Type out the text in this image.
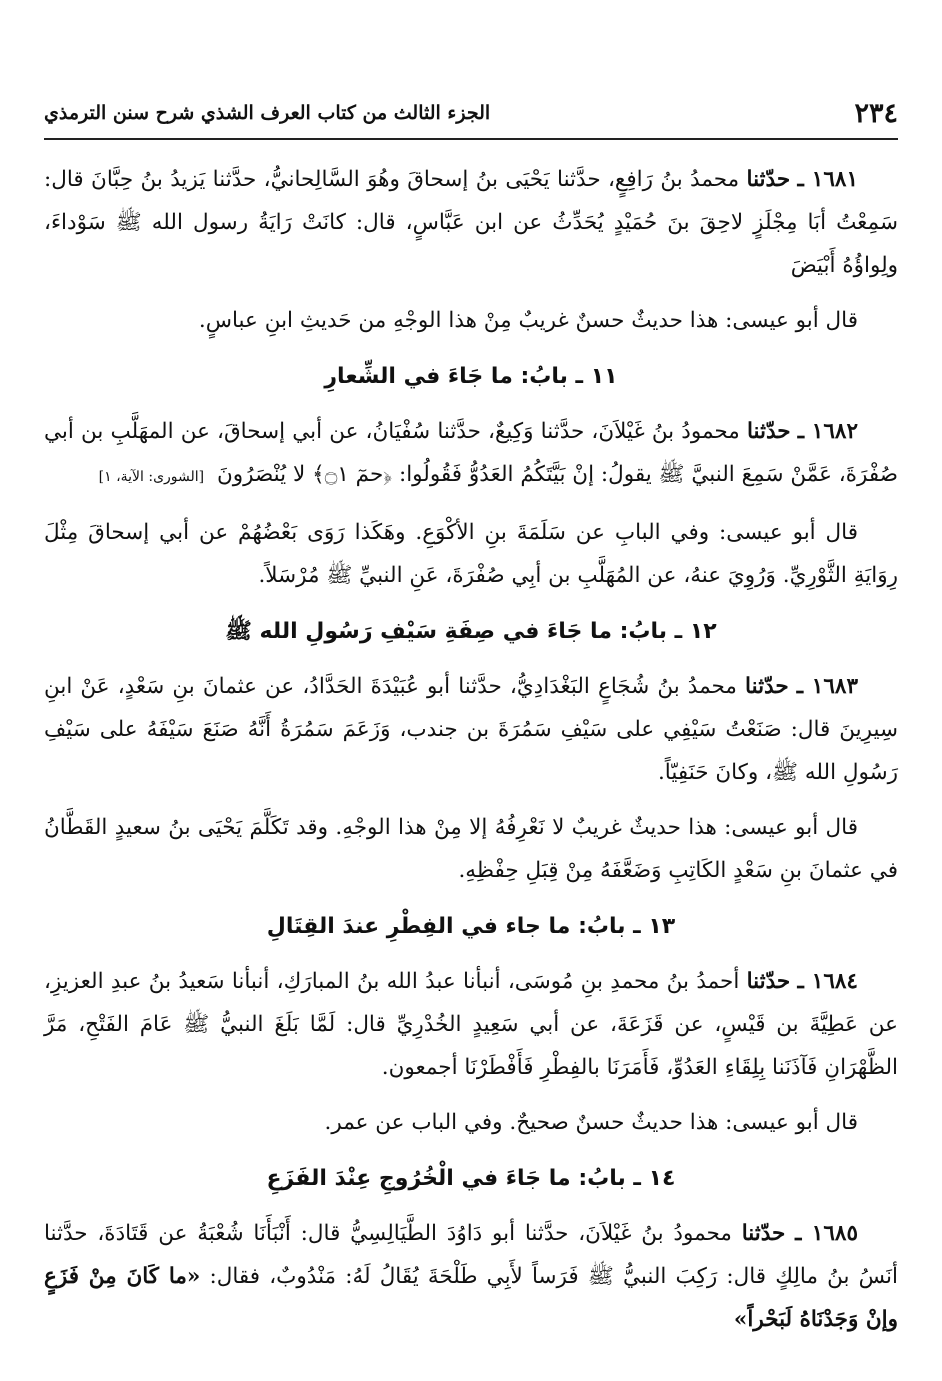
٢٣٤
الجزء الثالث من كتاب العرف الشذي شرح سنن الترمذي

١٦٨١ ـ حدّثنا محمدُ بنُ رَافِعٍ، حدَّثنا يَحْيَى بنُ إسحاقَ وهُوَ السَّالِحانيُّ، حدَّثنا يَزيدُ بنُ حِبَّانَ قال: سَمِعْتُ أبَا مِجْلَزٍ لاحِقَ بنَ حُمَيْدٍ يُحَدِّثُ عن ابن عَبَّاسٍ، قال: كانَتْ رَايَةُ رسول الله ﷺ سَوْداءَ، ولِواؤُهُ أَبْيَضَ

قال أبو عيسى: هذا حديثٌ حسنٌ غريبٌ مِنْ هذا الوجْهِ من حَديثِ ابنِ عباسٍ.

١١ ـ بابُ: ما جَاءَ في الشِّعارِ

١٦٨٢ ـ حدّثنا محمودُ بنُ غَيْلاَنَ، حدَّثنا وَكِيعٌ، حدَّثنا سُفْيَانُ، عن أبي إسحاقَ، عن المهَلَّبِ بن أبي صُفْرَةَ، عَمَّنْ سَمِعَ النبيَّ ﷺ يقولُ: إنْ بَيَّتَكُمُ العَدُوُّ فَقُولُوا: ﴿حمٓ ۝١﴾ لا يُنْصَرُونَ [الشورى: الآية، ١]

قال أبو عيسى: وفي البابِ عن سَلَمَةَ بنِ الأكْوَعِ. وهَكَذا رَوَى بَعْضُهُمْ عن أبي إسحاقَ مِثْلَ رِوَايَةِ الثَّوْرِيِّ. وَرُوِيَ عنهُ، عن المُهَلَّبِ بن أبِي صُفْرَةَ، عَنِ النبيِّ ﷺ مُرْسَلاً.

١٢ ـ بابُ: ما جَاءَ في صِفَةِ سَيْفِ رَسُولِ الله ﷺ

١٦٨٣ ـ حدّثنا محمدُ بنُ شُجَاعٍ البَغْدَادِيُّ، حدَّثنا أبو عُبَيْدَةَ الحَدَّادُ، عن عثمانَ بنِ سَعْدٍ، عَنْ ابنِ سِيرِينَ قال: صَنَعْتُ سَيْفِي على سَيْفِ سَمُرَةَ بن جندب، وَزَعَمَ سَمُرَةُ أَنَّهُ صَنَعَ سَيْفَهُ على سَيْفِ رَسُولِ الله ﷺ، وكانَ حَنَفِيّاً.

قال أبو عيسى: هذا حديثٌ غريبٌ لا نَعْرِفُهُ إلا مِنْ هذا الوجْهِ. وقد تَكَلَّمَ يَحْيَى بنُ سعيدٍ القَطَّانُ في عثمانَ بنِ سَعْدٍ الكَاتِبِ وَضَعَّفَهُ مِنْ قِبَلِ حِفْظِهِ.

١٣ ـ بابُ: ما جاء في الفِطْرِ عندَ القِتَالِ

١٦٨٤ ـ حدّثنا أحمدُ بنُ محمدِ بنِ مُوسَى، أنبأنا عبدُ الله بنُ المبارَكِ، أنبأنا سَعيدُ بنُ عبدِ العزيزِ، عن عَطِيَّةَ بن قَيْسٍ، عن قَزَعَةَ، عن أبي سَعِيدٍ الخُدْرِيِّ قال: لَمَّا بَلَغَ النبيُّ ﷺ عَامَ الفَتْحِ، مَرَّ الظَّهْرَانِ فَآذَنَنا بِلِقَاءِ العَدُوِّ، فَأَمَرَنَا بالفِطْرِ فَأَفْطَرْنَا أجمعون.

قال أبو عيسى: هذا حديثٌ حسنٌ صحيحٌ. وفي الباب عن عمر.

١٤ ـ بابُ: ما جَاءَ في الْخُرُوجِ عِنْدَ الفَزَعِ

١٦٨٥ ـ حدّثنا محمودُ بنُ غَيْلاَنَ، حدَّثنا أبو دَاوُدَ الطَّيَالِسِيُّ قال: أَنْبَأَنَا شُعْبَةُ عن قَتَادَةَ، حدَّثنا أنَسُ بنُ مالِكٍ قال: رَكِبَ النبيُّ ﷺ فَرَساً لأَبِي طَلْحَةَ يُقَالُ لَهُ: مَنْدُوبٌ، فقال: «ما كَانَ مِنْ فَزَعٍ وإنْ وَجَدْنَاهُ لَبَحْراً»
